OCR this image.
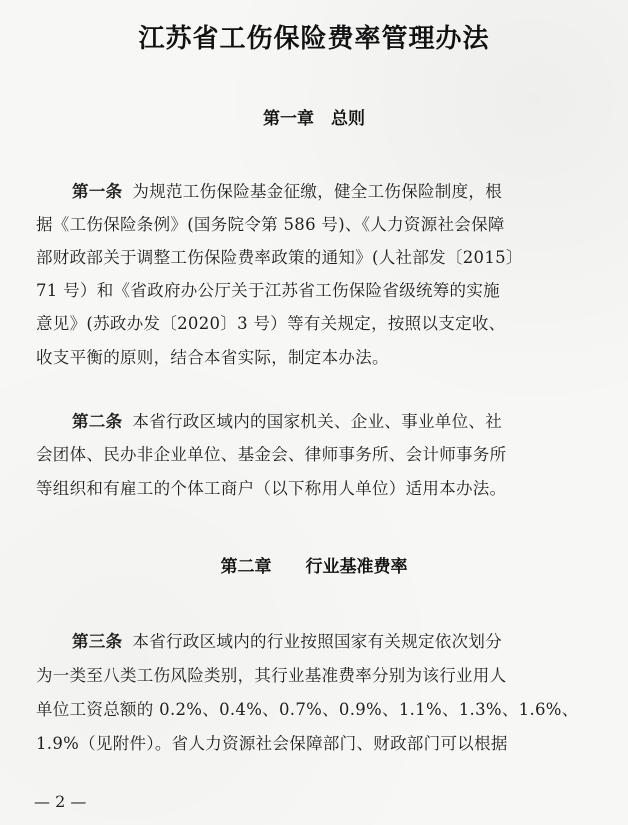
江苏省工伤保险费率管理办法
第一章　总则
第一条 为规范工伤保险基金征缴，健全工伤保险制度，根
据《工伤保险条例》(国务院令第 586 号)、《人力资源社会保障
部财政部关于调整工伤保险费率政策的通知》(人社部发〔2015〕
71 号）和《省政府办公厅关于江苏省工伤保险省级统筹的实施
意见》(苏政办发〔2020〕3 号）等有关规定，按照以支定收、
收支平衡的原则，结合本省实际，制定本办法。
第二条 本省行政区域内的国家机关、企业、事业单位、社
会团体、民办非企业单位、基金会、律师事务所、会计师事务所
等组织和有雇工的个体工商户（以下称用人单位）适用本办法。
第二章　　行业基准费率
第三条 本省行政区域内的行业按照国家有关规定依次划分
为一类至八类工伤风险类别，其行业基准费率分别为该行业用人
单位工资总额的 0.2%、0.4%、0.7%、0.9%、1.1%、1.3%、1.6%、
1.9%（见附件）。省人力资源社会保障部门、财政部门可以根据
— 2 —
